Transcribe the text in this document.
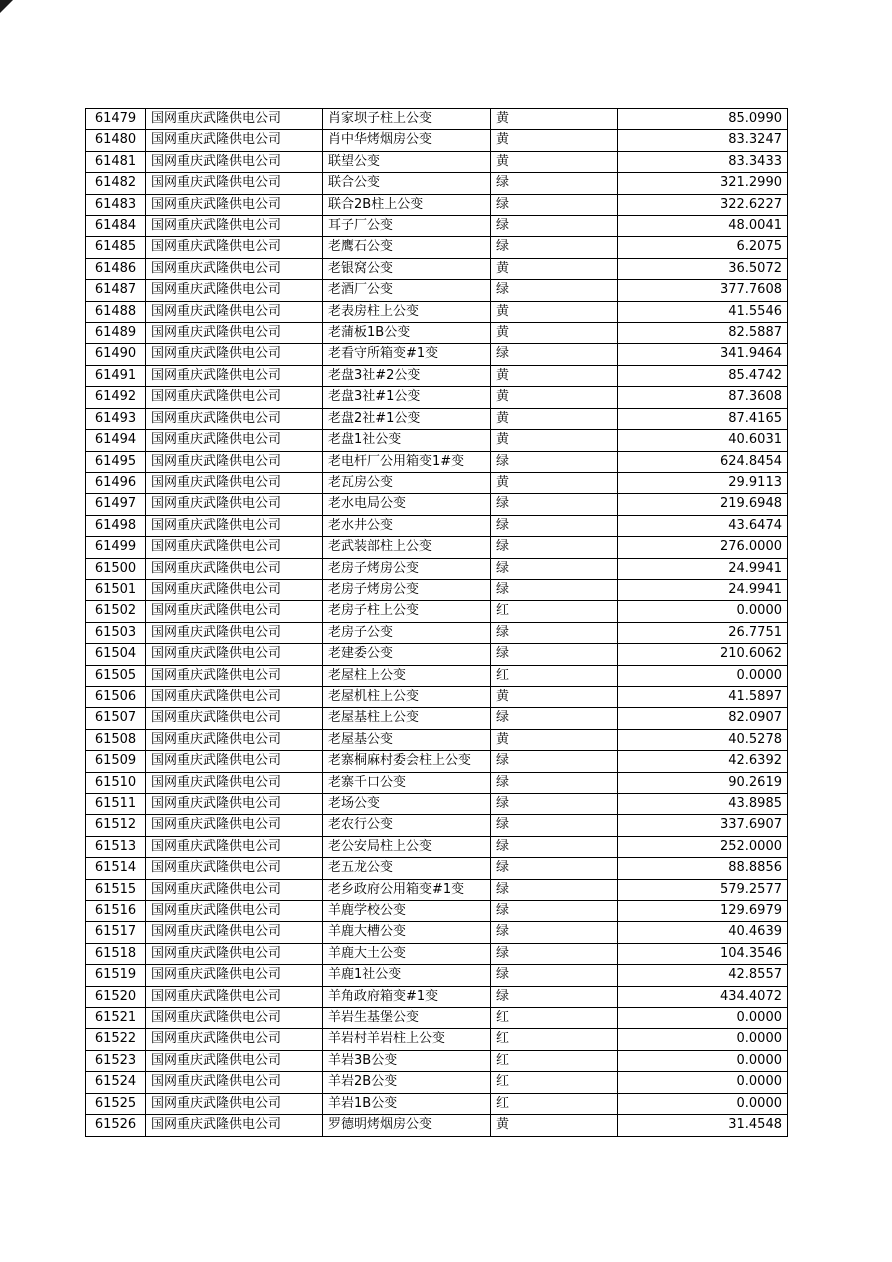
61479	国网重庆武隆供电公司	肖家坝子柱上公变	黄	85.0990
61480	国网重庆武隆供电公司	肖中华烤烟房公变	黄	83.3247
61481	国网重庆武隆供电公司	联望公变	黄	83.3433
61482	国网重庆武隆供电公司	联合公变	绿	321.2990
61483	国网重庆武隆供电公司	联合2B柱上公变	绿	322.6227
61484	国网重庆武隆供电公司	耳子厂公变	绿	48.0041
61485	国网重庆武隆供电公司	老鹰石公变	绿	6.2075
61486	国网重庆武隆供电公司	老银窝公变	黄	36.5072
61487	国网重庆武隆供电公司	老酒厂公变	绿	377.7608
61488	国网重庆武隆供电公司	老表房柱上公变	黄	41.5546
61489	国网重庆武隆供电公司	老蒲板1B公变	黄	82.5887
61490	国网重庆武隆供电公司	老看守所箱变#1变	绿	341.9464
61491	国网重庆武隆供电公司	老盘3社#2公变	黄	85.4742
61492	国网重庆武隆供电公司	老盘3社#1公变	黄	87.3608
61493	国网重庆武隆供电公司	老盘2社#1公变	黄	87.4165
61494	国网重庆武隆供电公司	老盘1社公变	黄	40.6031
61495	国网重庆武隆供电公司	老电杆厂公用箱变1#变	绿	624.8454
61496	国网重庆武隆供电公司	老瓦房公变	黄	29.9113
61497	国网重庆武隆供电公司	老水电局公变	绿	219.6948
61498	国网重庆武隆供电公司	老水井公变	绿	43.6474
61499	国网重庆武隆供电公司	老武装部柱上公变	绿	276.0000
61500	国网重庆武隆供电公司	老房子烤房公变	绿	24.9941
61501	国网重庆武隆供电公司	老房子烤房公变	绿	24.9941
61502	国网重庆武隆供电公司	老房子柱上公变	红	0.0000
61503	国网重庆武隆供电公司	老房子公变	绿	26.7751
61504	国网重庆武隆供电公司	老建委公变	绿	210.6062
61505	国网重庆武隆供电公司	老屋柱上公变	红	0.0000
61506	国网重庆武隆供电公司	老屋机柱上公变	黄	41.5897
61507	国网重庆武隆供电公司	老屋基柱上公变	绿	82.0907
61508	国网重庆武隆供电公司	老屋基公变	黄	40.5278
61509	国网重庆武隆供电公司	老寨桐麻村委会柱上公变	绿	42.6392
61510	国网重庆武隆供电公司	老寨千口公变	绿	90.2619
61511	国网重庆武隆供电公司	老场公变	绿	43.8985
61512	国网重庆武隆供电公司	老农行公变	绿	337.6907
61513	国网重庆武隆供电公司	老公安局柱上公变	绿	252.0000
61514	国网重庆武隆供电公司	老五龙公变	绿	88.8856
61515	国网重庆武隆供电公司	老乡政府公用箱变#1变	绿	579.2577
61516	国网重庆武隆供电公司	羊鹿学校公变	绿	129.6979
61517	国网重庆武隆供电公司	羊鹿大槽公变	绿	40.4639
61518	国网重庆武隆供电公司	羊鹿大土公变	绿	104.3546
61519	国网重庆武隆供电公司	羊鹿1社公变	绿	42.8557
61520	国网重庆武隆供电公司	羊角政府箱变#1变	绿	434.4072
61521	国网重庆武隆供电公司	羊岩生基堡公变	红	0.0000
61522	国网重庆武隆供电公司	羊岩村羊岩柱上公变	红	0.0000
61523	国网重庆武隆供电公司	羊岩3B公变	红	0.0000
61524	国网重庆武隆供电公司	羊岩2B公变	红	0.0000
61525	国网重庆武隆供电公司	羊岩1B公变	红	0.0000
61526	国网重庆武隆供电公司	罗德明烤烟房公变	黄	31.4548
